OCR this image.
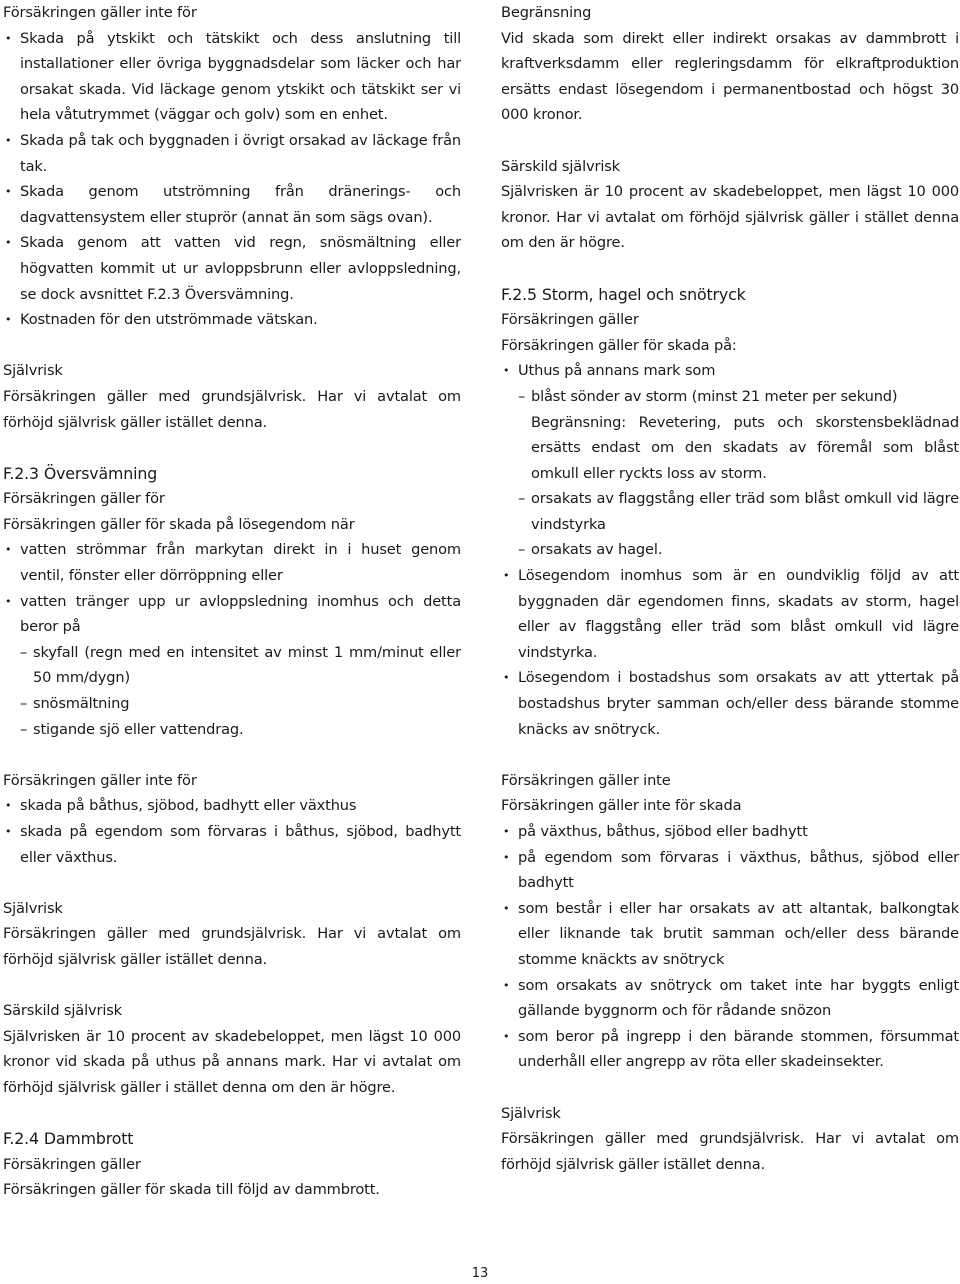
Försäkringen gäller inte för
• Skada på ytskikt och tätskikt och dess anslutning till installationer eller övriga byggnadsdelar som läcker och har orsakat skada. Vid läckage genom ytskikt och tätskikt ser vi hela våtutrymmet (väggar och golv) som en enhet.
• Skada på tak och byggnaden i övrigt orsakad av läckage från tak.
• Skada genom utströmning från dränerings- och dagvattensystem eller stuprör (annat än som sägs ovan).
• Skada genom att vatten vid regn, snösmältning eller högvatten kommit ut ur avloppsbrunn eller avloppsledning, se dock avsnittet F.2.3 Översvämning.
• Kostnaden för den utströmmade vätskan.
Självrisk
Försäkringen gäller med grundsjälvrisk. Har vi avtalat om förhöjd självrisk gäller istället denna.
F.2.3 Översvämning
Försäkringen gäller för
Försäkringen gäller för skada på lösegendom när
• vatten strömmar från markytan direkt in i huset genom ventil, fönster eller dörröppning eller
• vatten tränger upp ur avloppsledning inomhus och detta beror på
– skyfall (regn med en intensitet av minst 1 mm/minut eller 50 mm/dygn)
– snösmältning
– stigande sjö eller vattendrag.
Försäkringen gäller inte för
• skada på båthus, sjöbod, badhytt eller växthus
• skada på egendom som förvaras i båthus, sjöbod, badhytt eller växthus.
Självrisk
Försäkringen gäller med grundsjälvrisk. Har vi avtalat om förhöjd självrisk gäller istället denna.
Särskild självrisk
Självrisken är 10 procent av skadebeloppet, men lägst 10 000 kronor vid skada på uthus på annans mark. Har vi avtalat om förhöjd självrisk gäller i stället denna om den är högre.
F.2.4 Dammbrott
Försäkringen gäller
Försäkringen gäller för skada till följd av dammbrott.
Begränsning
Vid skada som direkt eller indirekt orsakas av dammbrott i kraftverksdamm eller regleringsdamm för elkraftproduktion ersätts endast lösegendom i permanentbostad och högst 30 000 kronor.
Särskild självrisk
Självrisken är 10 procent av skadebeloppet, men lägst 10 000 kronor. Har vi avtalat om förhöjd självrisk gäller i stället denna om den är högre.
F.2.5 Storm, hagel och snötryck
Försäkringen gäller
Försäkringen gäller för skada på:
• Uthus på annans mark som
– blåst sönder av storm (minst 21 meter per sekund)
Begränsning: Revetering, puts och skorstensbeklädnad ersätts endast om den skadats av föremål som blåst omkull eller ryckts loss av storm.
– orsakats av flaggstång eller träd som blåst omkull vid lägre vindstyrka
– orsakats av hagel.
• Lösegendom inomhus som är en oundviklig följd av att byggnaden där egendomen finns, skadats av storm, hagel eller av flaggstång eller träd som blåst omkull vid lägre vindstyrka.
• Lösegendom i bostadshus som orsakats av att yttertak på bostadshus bryter samman och/eller dess bärande stomme knäcks av snötryck.
Försäkringen gäller inte
Försäkringen gäller inte för skada
• på växthus, båthus, sjöbod eller badhytt
• på egendom som förvaras i växthus, båthus, sjöbod eller badhytt
• som består i eller har orsakats av att altantak, balkongtak eller liknande tak brutit samman och/eller dess bärande stomme knäckts av snötryck
• som orsakats av snötryck om taket inte har byggts enligt gällande byggnorm och för rådande snözon
• som beror på ingrepp i den bärande stommen, försummat underhåll eller angrepp av röta eller skadeinsekter.
Självrisk
Försäkringen gäller med grundsjälvrisk. Har vi avtalat om förhöjd självrisk gäller istället denna.
13
